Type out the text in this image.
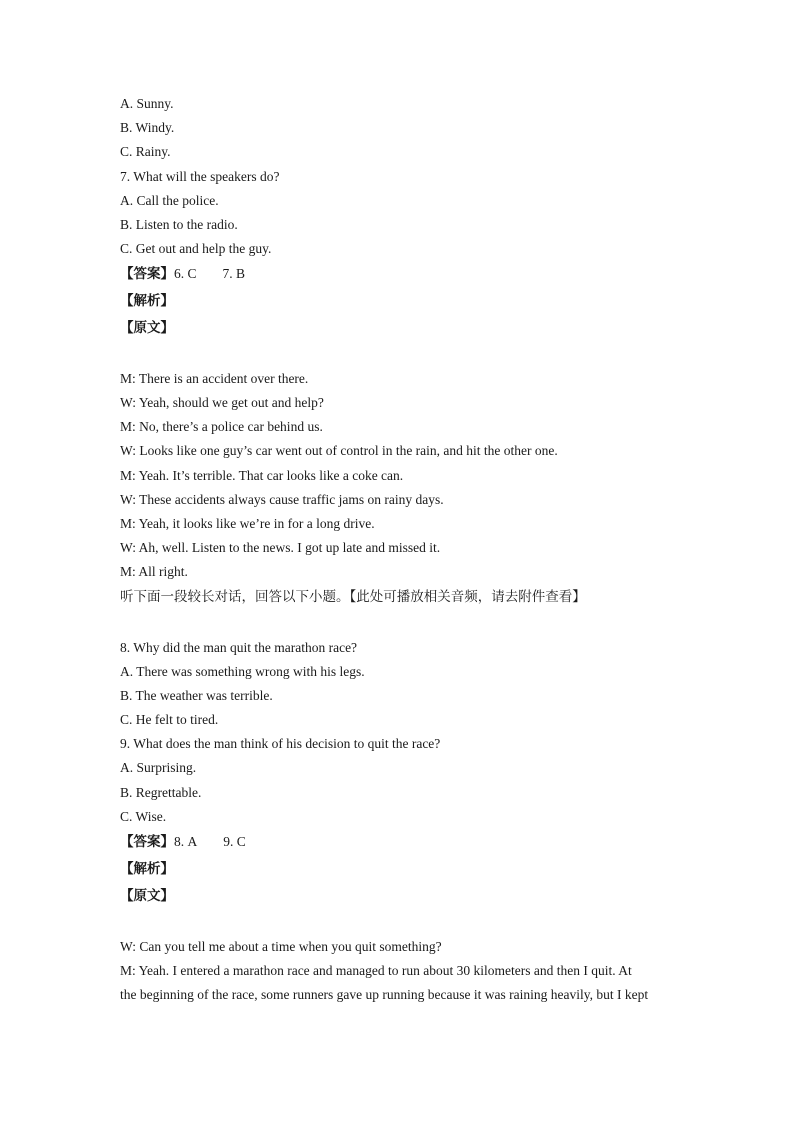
A. Sunny.
B. Windy.
C. Rainy.
7. What will the speakers do?
A. Call the police.
B. Listen to the radio.
C. Get out and help the guy.
【答案】6. C 7. B
【解析】
【原文】
M: There is an accident over there.
W: Yeah, should we get out and help?
M: No, there’s a police car behind us.
W: Looks like one guy’s car went out of control in the rain, and hit the other one.
M: Yeah. It’s terrible. That car looks like a coke can.
W: These accidents always cause traffic jams on rainy days.
M: Yeah, it looks like we’re in for a long drive.
W: Ah, well. Listen to the news. I got up late and missed it.
M: All right.
听下面一段较长对话，回答以下小题。【此处可播放相关音频，请去附件查看】
8. Why did the man quit the marathon race?
A. There was something wrong with his legs.
B. The weather was terrible.
C. He felt to tired.
9. What does the man think of his decision to quit the race?
A. Surprising.
B. Regrettable.
C. Wise.
【答案】8. A 9. C
【解析】
【原文】
W: Can you tell me about a time when you quit something?
M: Yeah. I entered a marathon race and managed to run about 30 kilometers and then I quit. At
the beginning of the race, some runners gave up running because it was raining heavily, but I kept
